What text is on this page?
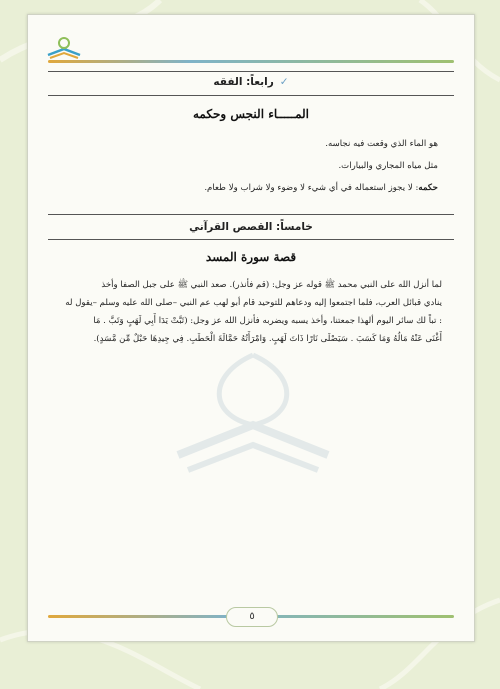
✓رابعاً: الفقه
المـــــاء النجس وحكمه
هو الماء الذي وقعت فيه نجاسه.
مثل مياه المجاري والبيارات.
حكمه: لا يجوز استعماله في أي شيء لا وضوء ولا شراب ولا طعام.
خامساً: القصص القرآني
قصة سورة المسد
لما أنزل الله على النبي محمد ﷺ قوله عز وجل: (قم فأنذر). صعد النبي ﷺ على جبل الصفا وأخذ
ينادي قبائل العرب، فلما اجتمعوا إليه ودعاهم للتوحيد قام أبو لهب عم النبي –صلى الله عليه وسلم –يقول له
: تباً لك سائر اليوم ألهذا جمعتنا، وأخذ يسبه ويضربه فأنزل الله عز وجل: (تَبَّتْ يَدَا أَبِي لَهَبٍ وَتَبَّ . مَا
أَغْنَى عَنْهُ مَالُهُ وَمَا كَسَبَ . سَيَصْلَى نَارًا ذَاتَ لَهَبٍ. وَامْرَأَتُهُ حَمَّالَةَ الْحَطَبِ. فِي جِيدِهَا حَبْلٌ مِّن مَّسَدٍ).
٥
